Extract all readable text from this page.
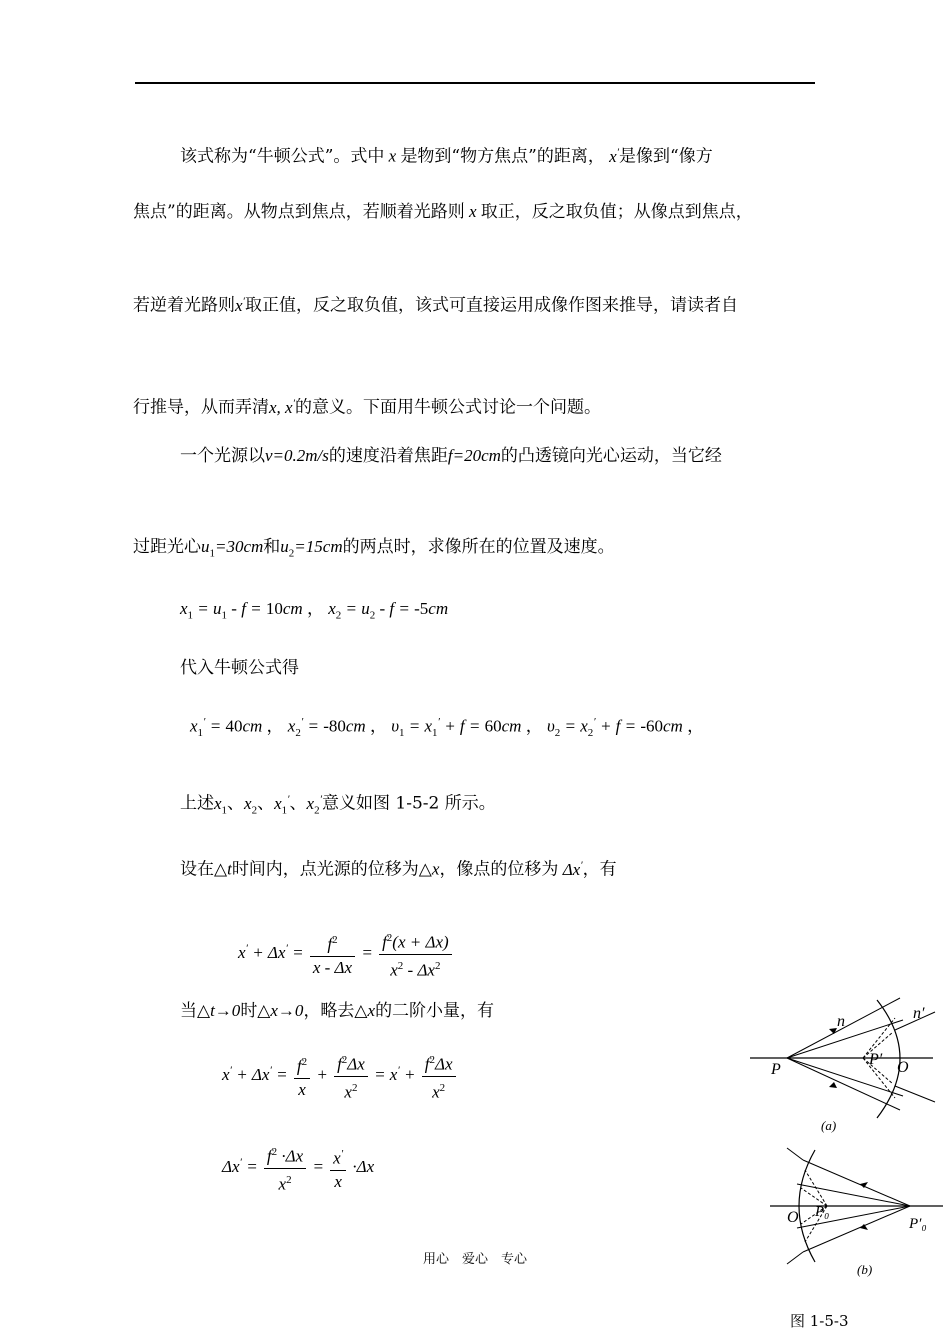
该式称为“牛顿公式”。式中 x 是物到“物方焦点”的距离， x′是像到“像方
焦点”的距离。从物点到焦点，若顺着光路则 x 取正，反之取负值；从像点到焦点，
若逆着光路则x′取正值，反之取负值，该式可直接运用成像作图来推导，请读者自
行推导，从而弄清x, x′的意义。下面用牛顿公式讨论一个问题。
一个光源以v=0.2m/s的速度沿着焦距f=20cm的凸透镜向光心运动，当它经
过距光心$u_1=30cm$和$u_2=15cm$的两点时，求像所在的位置及速度。
$x_1 = u_1 - f = 10cm$ ， $x_2 = u_2 - f = -5cm$
代入牛顿公式得
$x_1' = 40cm$ ， $x_2' = -80cm$ ， $\upsilon_1 = x_1' + f = 60cm$ ， $\upsilon_2 = x_2' + f = -60cm$ ，
上述$x_1$、$x_2$、$x_1'$、$x_2'$意义如图 1-5-2 所示。
设在△t时间内，点光源的位移为△x，像点的位移为 Δx′，有
$x' + \Delta x' = \frac{f^2}{x - \Delta x} = \frac{f^2(x + \Delta x)}{x^2 - \Delta x^2}$
当△t→0时△x→0，略去△x的二阶小量，有
$x' + \Delta x' = \frac{f^2}{x} + \frac{f^2\Delta x}{x^2} = x' + \frac{f^2\Delta x}{x^2}$
$\Delta x' = \frac{f^2 \cdot\Delta x}{x^2} = \frac{x'}{x} \cdot\Delta x$
n	n′
P
P′ O
(a)
O P₀
P′₀
(b)
用心　爱心　专心
图 1-5-3
